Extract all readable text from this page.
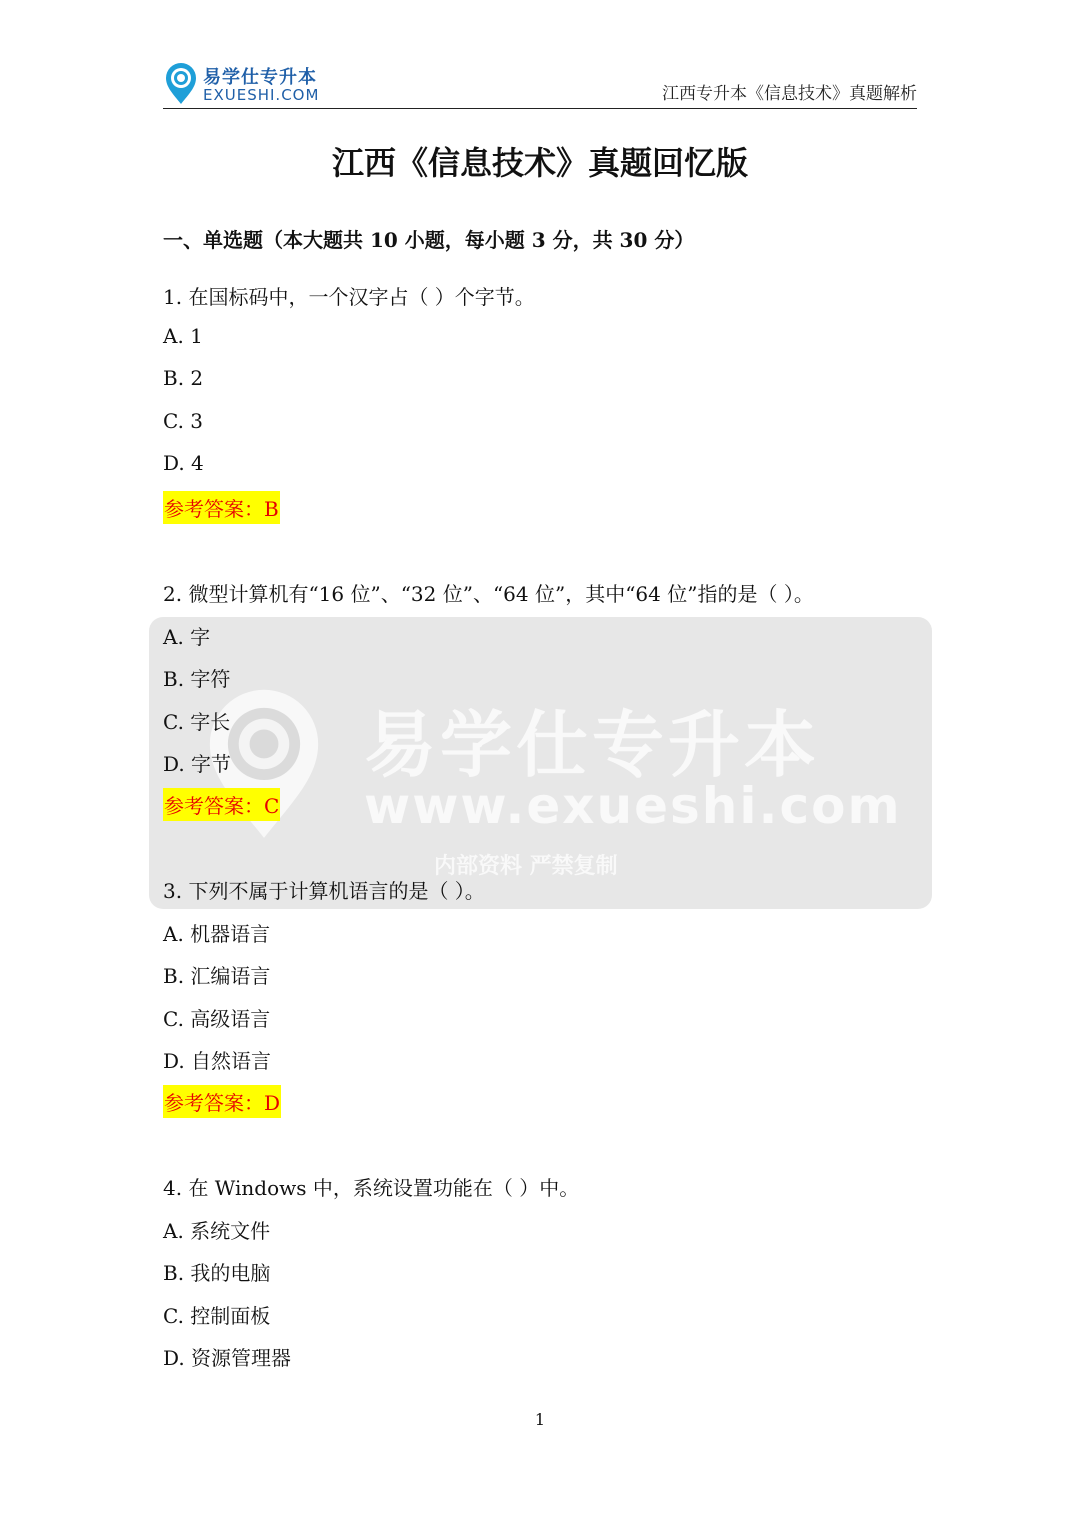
易学仕专升本
EXUESHI.COM	江西专升本《信息技术》真题解析
江西《信息技术》真题回忆版
一、单选题（本大题共 10 小题，每小题 3 分，共 30 分）
1. 在国标码中，一个汉字占（ ）个字节。
A. 1
B. 2
C. 3
D. 4
参考答案：B
2. 微型计算机有“16 位”、“32 位”、“64 位”，其中“64 位”指的是（ ）。
易学仕专升本
www.exueshi.com
内部资料 严禁复制
A. 字
B. 字符
C. 字长
D. 字节
参考答案：C
3. 下列不属于计算机语言的是（ ）。
A. 机器语言
B. 汇编语言
C. 高级语言
D. 自然语言
参考答案：D
4. 在 Windows 中，系统设置功能在（ ）中。
A. 系统文件
B. 我的电脑
C. 控制面板
D. 资源管理器
1
